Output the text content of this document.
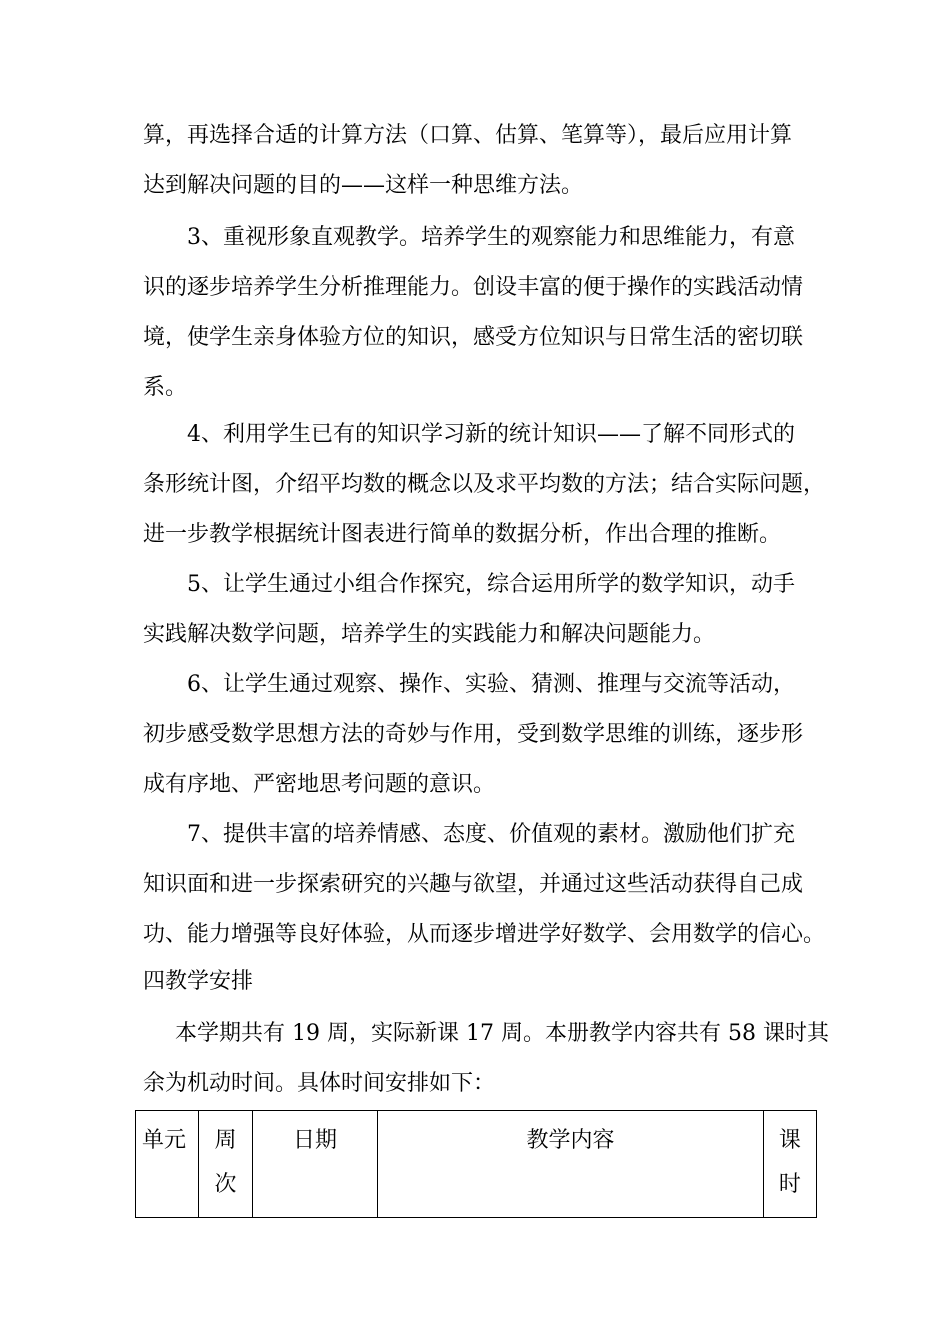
算，再选择合适的计算方法（口算、估算、笔算等），最后应用计算
达到解决问题的目的——这样一种思维方法。

3、重视形象直观教学。培养学生的观察能力和思维能力，有意
识的逐步培养学生分析推理能力。创设丰富的便于操作的实践活动情
境，使学生亲身体验方位的知识，感受方位知识与日常生活的密切联
系。

4、利用学生已有的知识学习新的统计知识——了解不同形式的
条形统计图，介绍平均数的概念以及求平均数的方法；结合实际问题，
进一步教学根据统计图表进行简单的数据分析，作出合理的推断。

5、让学生通过小组合作探究，综合运用所学的数学知识，动手
实践解决数学问题，培养学生的实践能力和解决问题能力。

6、让学生通过观察、操作、实验、猜测、推理与交流等活动，
初步感受数学思想方法的奇妙与作用，受到数学思维的训练，逐步形
成有序地、严密地思考问题的意识。

7、提供丰富的培养情感、态度、价值观的素材。激励他们扩充
知识面和进一步探索研究的兴趣与欲望，并通过这些活动获得自己成
功、能力增强等良好体验，从而逐步增进学好数学、会用数学的信心。

四教学安排

本学期共有 19 周，实际新课 17 周。本册教学内容共有 58 课时其
余为机动时间。具体时间安排如下：

单元	周
次
	日期	教学内容	课
时
